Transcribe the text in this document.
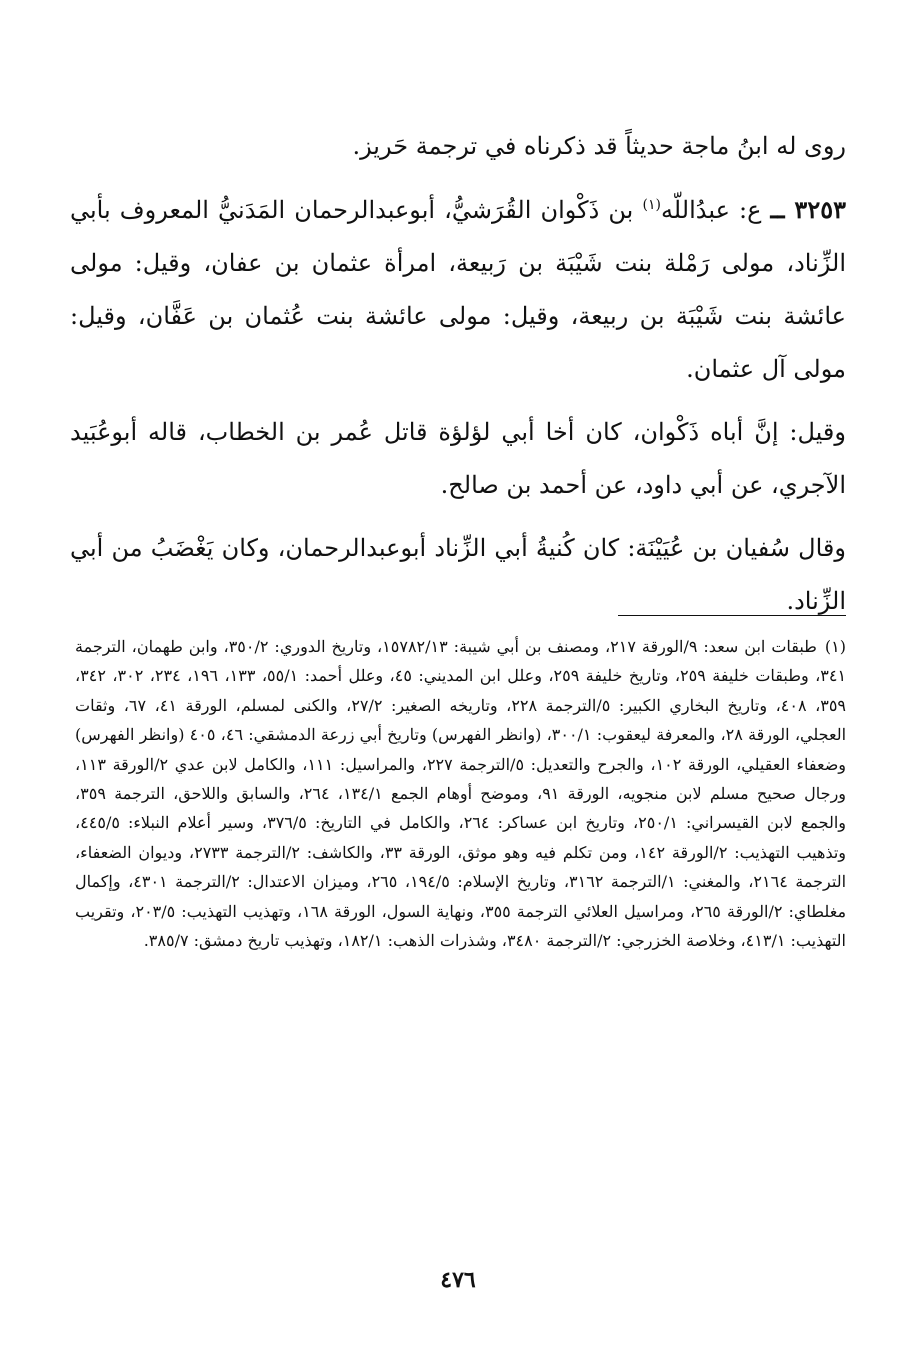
روى له ابنُ ماجة حديثاً قد ذكرناه في ترجمة حَريز.

٣٢٥٣ ــ ع: عبدُاللّه$^{(١)}$ بن ذَكْوان القُرَشيُّ، أبوعبدالرحمان المَدَنيُّ المعروف بأبي الزِّناد، مولى رَمْلة بنت شَيْبَة بن رَبيعة، امرأة عثمان بن عفان، وقيل: مولى عائشة بنت شَيْبَة بن ربيعة، وقيل: مولى عائشة بنت عُثمان بن عَفَّان، وقيل: مولى آل عثمان.

وقيل: إنَّ أباه ذَكْوان، كان أخا أبي لؤلؤة قاتل عُمر بن الخطاب، قاله أبوعُبَيد الآجري، عن أبي داود، عن أحمد بن صالح.

وقال سُفيان بن عُيَيْنَة: كان كُنيةُ أبي الزِّناد أبوعبدالرحمان، وكان يَغْضَبُ من أبي الزِّناد.

(١)طبقات ابن سعد: ٩/الورقة ٢١٧، ومصنف بن أبي شيبة: ١٥٧٨٢/١٣، وتاريخ الدوري: ٣٥٠/٢، وابن طهمان، الترجمة ٣٤١، وطبقات خليفة ٢٥٩، وتاريخ خليفة ٢٥٩، وعلل ابن المديني: ٤٥، وعلل أحمد: ٥٥/١، ١٣٣، ١٩٦، ٢٣٤، ٣٠٢، ٣٤٢، ٣٥٩، ٤٠٨، وتاريخ البخاري الكبير: ٥/الترجمة ٢٢٨، وتاريخه الصغير: ٢٧/٢، والكنى لمسلم، الورقة ٤١، ٦٧، وثقات العجلي، الورقة ٢٨، والمعرفة ليعقوب: ٣٠٠/١، (وانظر الفهرس) وتاريخ أبي زرعة الدمشقي: ٤٦، ٤٠٥ (وانظر الفهرس) وضعفاء العقيلي، الورقة ١٠٢، والجرح والتعديل: ٥/الترجمة ٢٢٧، والمراسيل: ١١١، والكامل لابن عدي ٢/الورقة ١١٣، ورجال صحيح مسلم لابن منجويه، الورقة ٩١، وموضح أوهام الجمع ١٣٤/١، ٢٦٤، والسابق واللاحق، الترجمة ٣٥٩، والجمع لابن القيسراني: ٢٥٠/١، وتاريخ ابن عساكر: ٢٦٤، والكامل في التاريخ: ٣٧٦/٥، وسير أعلام النبلاء: ٤٤٥/٥، وتذهيب التهذيب: ٢/الورقة ١٤٢، ومن تكلم فيه وهو موثق، الورقة ٣٣، والكاشف: ٢/الترجمة ٢٧٣٣، وديوان الضعفاء، الترجمة ٢١٦٤، والمغني: ١/الترجمة ٣١٦٢، وتاريخ الإسلام: ١٩٤/٥، ٢٦٥، وميزان الاعتدال: ٢/الترجمة ٤٣٠١، وإكمال مغلطاي: ٢/الورقة ٢٦٥، ومراسيل العلائي الترجمة ٣٥٥، ونهاية السول، الورقة ١٦٨، وتهذيب التهذيب: ٢٠٣/٥، وتقريب التهذيب: ٤١٣/١، وخلاصة الخزرجي: ٢/الترجمة ٣٤٨٠، وشذرات الذهب: ١٨٢/١، وتهذيب تاريخ دمشق: ٣٨٥/٧.
٤٧٦
